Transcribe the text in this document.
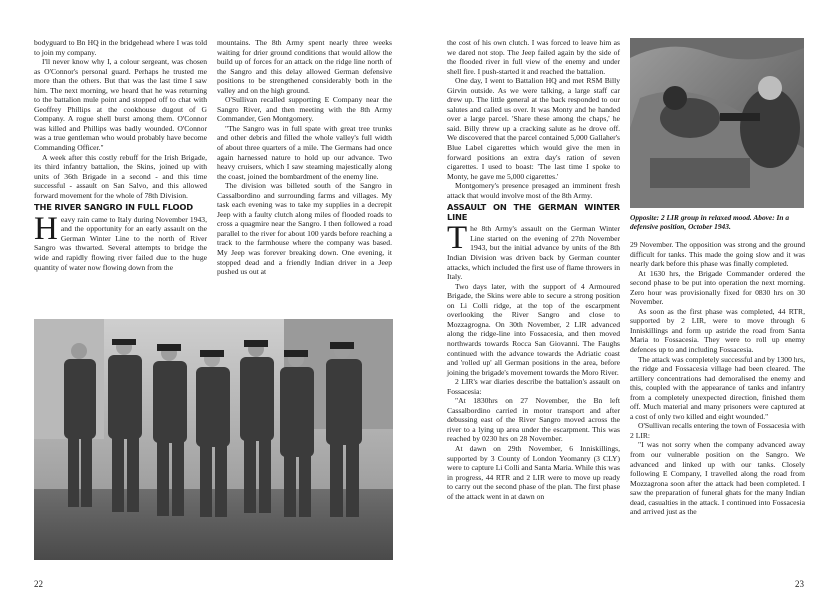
bodyguard to Bn HQ in the bridgehead where I was told to join my company.

I'll never know why I, a colour sergeant, was chosen as O'Connor's personal guard. Perhaps he trusted me more than the others. But that was the last time I saw him. The next morning, we heard that he was returning to the battalion mule point and stopped off to chat with Geoffrey Phillips at the cookhouse dugout of G Company. A rogue shell burst among them. O'Connor was killed and Phillips was badly wounded. O'Connor was a true gentleman who would probably have become Commanding Officer."

A week after this costly rebuff for the Irish Brigade, its third infantry battalion, the Skins, joined up with units of 36th Brigade in a second - and this time successful - assault on San Salvo, and this allowed forward movement for the whole of 78th Division.

THE RIVER SANGRO IN FULL FLOOD

Heavy rain came to Italy during November 1943, and the opportunity for an early assault on the German Winter Line to the north of River Sangro was thwarted. Several attempts to bridge the wide and rapidly flowing river failed due to the huge quantity of water now flowing down from the

mountains. The 8th Army spent nearly three weeks waiting for drier ground conditions that would allow the build up of forces for an attack on the ridge line north of the Sangro and this delay allowed German defensive positions to be strengthened considerably both in the valley and on the high ground.

O'Sullivan recalled supporting E Company near the Sangro River, and then meeting with the 8th Army Commander, Gen Montgomery.

"The Sangro was in full spate with great tree trunks and other debris and filled the whole valley's full width of about three quarters of a mile. The Germans had once again harnessed nature to hold up our advance. Two heavy cruisers, which I saw steaming majestically along the coast, joined the bombardment of the enemy line.

The division was billeted south of the Sangro in Cassalbordino and surrounding farms and villages. My task each evening was to take my supplies in a decrepit Jeep with a faulty clutch along miles of flooded roads to cross a quagmire near the Sangro. I then followed a road parallel to the river for about 100 yards before reaching a track to the farmhouse where the company was based. My Jeep was forever breaking down. One evening, it stopped dead and a friendly Indian driver in a Jeep pushed us out at

22

the cost of his own clutch. I was forced to leave him as we dared not stop. The Jeep failed again by the side of the flooded river in full view of the enemy and under shell fire. I push-started it and reached the battalion.

One day, I went to Battalion HQ and met RSM Billy Girvin outside. As we were talking, a large staff car drew up. The little general at the back responded to our salutes and called us over. It was Monty and he handed over a large parcel. 'Share these among the chaps,' he said. Billy threw up a cracking salute as he drove off. We discovered that the parcel contained 5,000 Gallaher's Blue Label cigarettes which would give the men in forward positions an extra day's ration of seven cigarettes. I used to boast: 'The last time I spoke to Monty, he gave me 5,000 cigarettes.'

Montgomery's presence presaged an imminent fresh attack that would involve most of the 8th Army.

ASSAULT ON THE GERMAN WINTER LINE

The 8th Army's assault on the German Winter Line started on the evening of 27th November 1943, but the initial advance by units of the 8th Indian Division was driven back by German counter attacks, which included the first use of flame throwers in Italy.

Two days later, with the support of 4 Armoured Brigade, the Skins were able to secure a strong position on Li Colli ridge, at the top of the escarpment overlooking the River Sangro and close to Mozzagrogna. On 30th November, 2 LIR advanced along the ridge-line into Fossacesia, and then moved northwards towards Rocca San Giovanni. The Faughs continued with the advance towards the Adriatic coast and 'rolled up' all German positions in the area, before joining the brigade's movement towards the Moro River.

2 LIR's war diaries describe the battalion's assault on Fossacesia:

"At 1830hrs on 27 November, the Bn left Cassalbordino carried in motor transport and after debussing east of the River Sangro moved across the river to a lying up area under the escarpment. This was reached by 0230 hrs on 28 November.

At dawn on 29th November, 6 Inniskillings, supported by 3 County of London Yeomanry (3 CLY) were to capture Li Colli and Santa Maria. While this was in progress, 44 RTR and 2 LIR were to move up ready to carry out the second phase of the plan. The first phase of the attack went in at dawn on

Opposite: 2 LIR group in relaxed mood. Above: In a defensive position, October 1943.

29 November. The opposition was strong and the ground difficult for tanks. This made the going slow and it was nearly dark before this phase was finally completed.

At 1630 hrs, the Brigade Commander ordered the second phase to be put into operation the next morning. Zero hour was provisionally fixed for 0830 hrs on 30 November.

As soon as the first phase was completed, 44 RTR, supported by 2 LIR, were to move through 6 Inniskillings and form up astride the road from Santa Maria to Fossacesia. They were to roll up enemy defences up to and including Fossacesia.

The attack was completely successful and by 1300 hrs, the ridge and Fossacesia village had been cleared. The artillery concentrations had demoralised the enemy and this, coupled with the appearance of tanks and infantry from a completely unexpected direction, finished them off. Much material and many prisoners were captured at a cost of only two killed and eight wounded."

O'Sullivan recalls entering the town of Fossacesia with 2 LIR:

"I was not sorry when the company advanced away from our vulnerable position on the Sangro. We advanced and linked up with our tanks. Closely following E Company, I travelled along the road from Mozzagrona soon after the attack had been completed. I saw the preparation of funeral ghats for the many Indian dead, casualties in the attack. I continued into Fossacesia and arrived just as the

23
